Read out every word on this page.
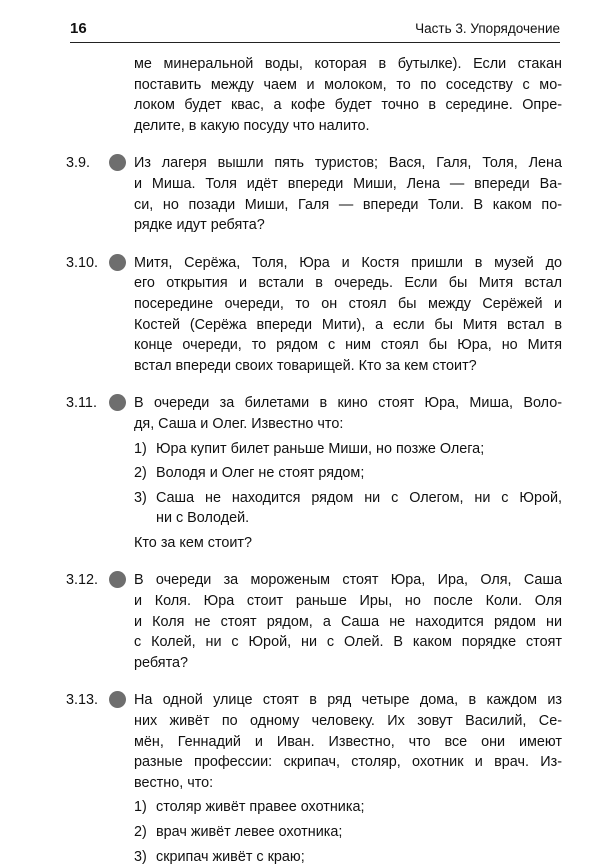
16	Часть 3. Упорядочение
ме минеральной воды, которая в бутылке). Если стакан
поставить между чаем и молоком, то по соседству с мо-
локом будет квас, а кофе будет точно в середине. Опре-
делите, в какую посуду что налито.
3.9.	Из лагеря вышли пять туристов; Вася, Галя, Толя, Лена
и Миша. Толя идёт впереди Миши, Лена — впереди Ва-
си, но позади Миши, Галя — впереди Толи. В каком по-
рядке идут ребята?
3.10. Митя, Серёжа, Толя, Юра и Костя пришли в музей до
его открытия и встали в очередь. Если бы Митя встал
посередине очереди, то он стоял бы между Серёжей и
Костей (Серёжа впереди Мити), а если бы Митя встал в
конце очереди, то рядом с ним стоял бы Юра, но Митя
встал впереди своих товарищей. Кто за кем стоит?
3.11.	В очереди за билетами в кино стоят Юра, Миша, Воло-
дя, Саша и Олег. Известно что:
1) Юра купит билет раньше Миши, но позже Олега;
2) Володя и Олег не стоят рядом;
3) Саша не находится рядом ни с Олегом, ни с Юрой,
ни с Володей.
Кто за кем стоит?
3.12. В очереди за мороженым стоят Юра, Ира, Оля, Саша
и Коля. Юра стоит раньше Иры, но после Коли. Оля
и Коля не стоят рядом, а Саша не находится рядом ни
с Колей, ни с Юрой, ни с Олей. В каком порядке стоят
ребята?
3.13. На одной улице стоят в ряд четыре дома, в каждом из
них живёт по одному человеку. Их зовут Василий, Се-
мён, Геннадий и Иван. Известно, что все они имеют
разные профессии: скрипач, столяр, охотник и врач. Из-
вестно, что:
1) столяр живёт правее охотника;
2) врач живёт левее охотника;
3) скрипач живёт с краю;
